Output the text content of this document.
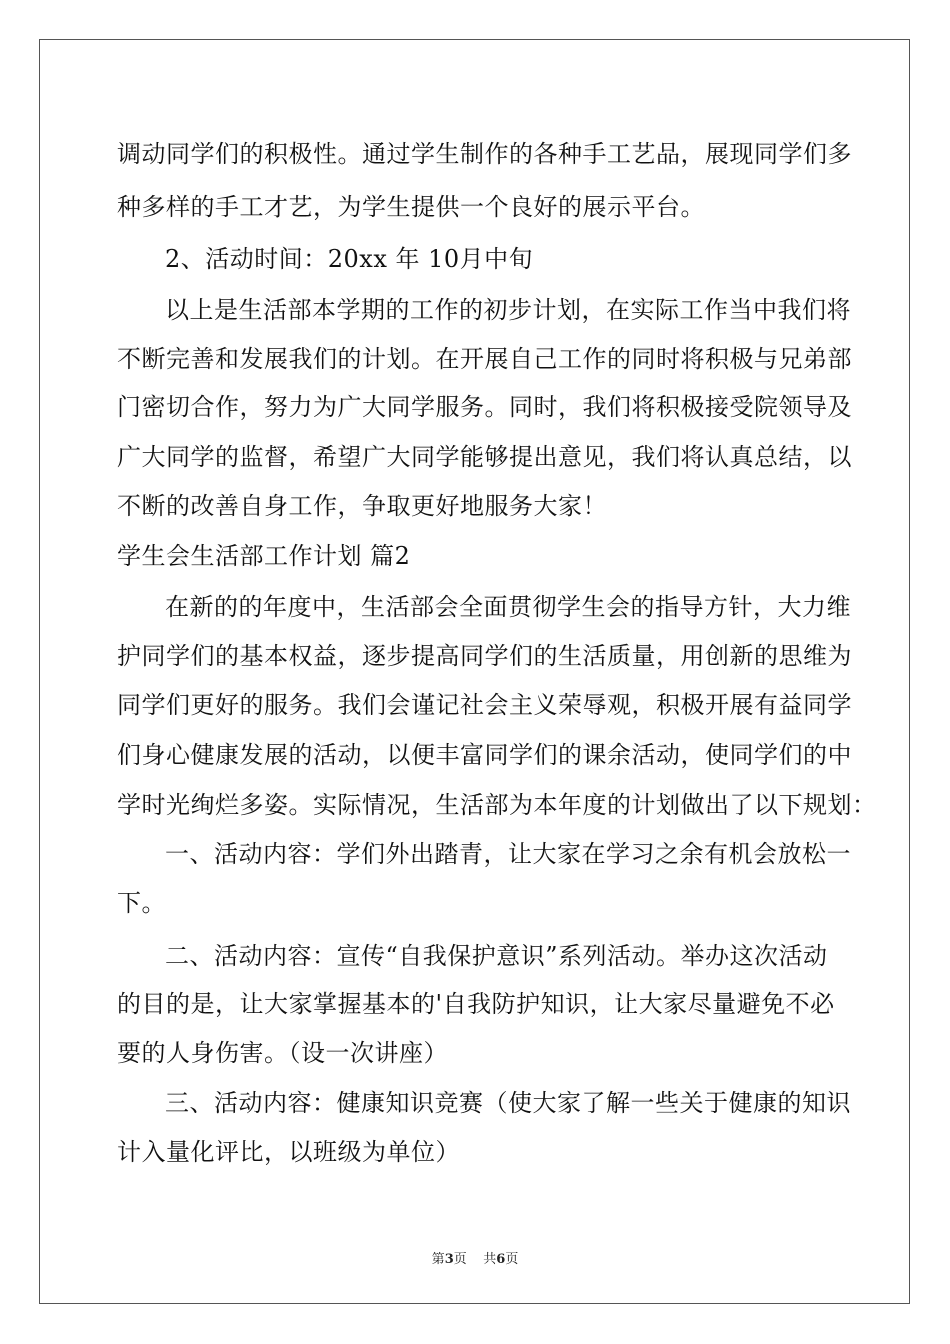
调动同学们的积极性。通过学生制作的各种手工艺品，展现同学们多
种多样的手工才艺，为学生提供一个良好的展示平台。
2、活动时间：20xx 年 10月中旬
以上是生活部本学期的工作的初步计划，在实际工作当中我们将
不断完善和发展我们的计划。在开展自己工作的同时将积极与兄弟部
门密切合作，努力为广大同学服务。同时，我们将积极接受院领导及
广大同学的监督，希望广大同学能够提出意见，我们将认真总结，以
不断的改善自身工作，争取更好地服务大家！
学生会生活部工作计划 篇2
在新的的年度中，生活部会全面贯彻学生会的指导方针，大力维
护同学们的基本权益，逐步提高同学们的生活质量，用创新的思维为
同学们更好的服务。我们会谨记社会主义荣辱观，积极开展有益同学
们身心健康发展的活动，以便丰富同学们的课余活动，使同学们的中
学时光绚烂多姿。实际情况，生活部为本年度的计划做出了以下规划：
一、活动内容：学们外出踏青，让大家在学习之余有机会放松一
下。
二、活动内容：宣传“自我保护意识”系列活动。举办这次活动
的目的是，让大家掌握基本的'自我防护知识，让大家尽量避免不必
要的人身伤害。（设一次讲座）
三、活动内容：健康知识竞赛（使大家了解一些关于健康的知识
计入量化评比，以班级为单位）
第3页    共6页
